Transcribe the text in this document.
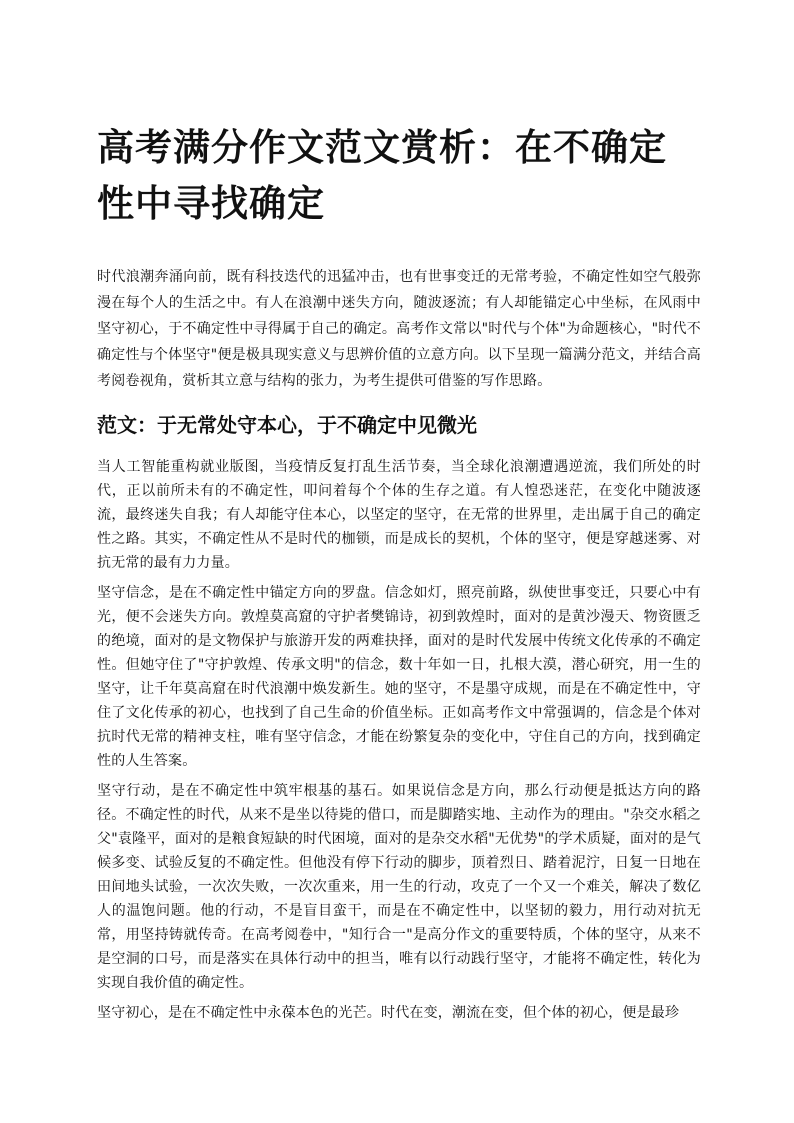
高考满分作文范文赏析：在不确定性中寻找确定

时代浪潮奔涌向前，既有科技迭代的迅猛冲击，也有世事变迁的无常考验，不确定性如空气般弥漫在每个人的生活之中。有人在浪潮中迷失方向，随波逐流；有人却能锚定心中坐标，在风雨中坚守初心，于不确定性中寻得属于自己的确定。高考作文常以"时代与个体"为命题核心，"时代不确定性与个体坚守"便是极具现实意义与思辨价值的立意方向。以下呈现一篇满分范文，并结合高考阅卷视角，赏析其立意与结构的张力，为考生提供可借鉴的写作思路。

范文：于无常处守本心，于不确定中见微光

当人工智能重构就业版图，当疫情反复打乱生活节奏，当全球化浪潮遭遇逆流，我们所处的时代，正以前所未有的不确定性，叩问着每个个体的生存之道。有人惶恐迷茫，在变化中随波逐流，最终迷失自我；有人却能守住本心，以坚定的坚守，在无常的世界里，走出属于自己的确定性之路。其实，不确定性从不是时代的枷锁，而是成长的契机，个体的坚守，便是穿越迷雾、对抗无常的最有力力量。

坚守信念，是在不确定性中锚定方向的罗盘。信念如灯，照亮前路，纵使世事变迁，只要心中有光，便不会迷失方向。敦煌莫高窟的守护者樊锦诗，初到敦煌时，面对的是黄沙漫天、物资匮乏的绝境，面对的是文物保护与旅游开发的两难抉择，面对的是时代发展中传统文化传承的不确定性。但她守住了"守护敦煌、传承文明"的信念，数十年如一日，扎根大漠，潜心研究，用一生的坚守，让千年莫高窟在时代浪潮中焕发新生。她的坚守，不是墨守成规，而是在不确定性中，守住了文化传承的初心，也找到了自己生命的价值坐标。正如高考作文中常强调的，信念是个体对抗时代无常的精神支柱，唯有坚守信念，才能在纷繁复杂的变化中，守住自己的方向，找到确定性的人生答案。

坚守行动，是在不确定性中筑牢根基的基石。如果说信念是方向，那么行动便是抵达方向的路径。不确定性的时代，从来不是坐以待毙的借口，而是脚踏实地、主动作为的理由。"杂交水稻之父"袁隆平，面对的是粮食短缺的时代困境，面对的是杂交水稻"无优势"的学术质疑，面对的是气候多变、试验反复的不确定性。但他没有停下行动的脚步，顶着烈日、踏着泥泞，日复一日地在田间地头试验，一次次失败，一次次重来，用一生的行动，攻克了一个又一个难关，解决了数亿人的温饱问题。他的行动，不是盲目蛮干，而是在不确定性中，以坚韧的毅力，用行动对抗无常，用坚持铸就传奇。在高考阅卷中，"知行合一"是高分作文的重要特质，个体的坚守，从来不是空洞的口号，而是落实在具体行动中的担当，唯有以行动践行坚守，才能将不确定性，转化为实现自我价值的确定性。

坚守初心，是在不确定性中永葆本色的光芒。时代在变，潮流在变，但个体的初心，便是最珍
